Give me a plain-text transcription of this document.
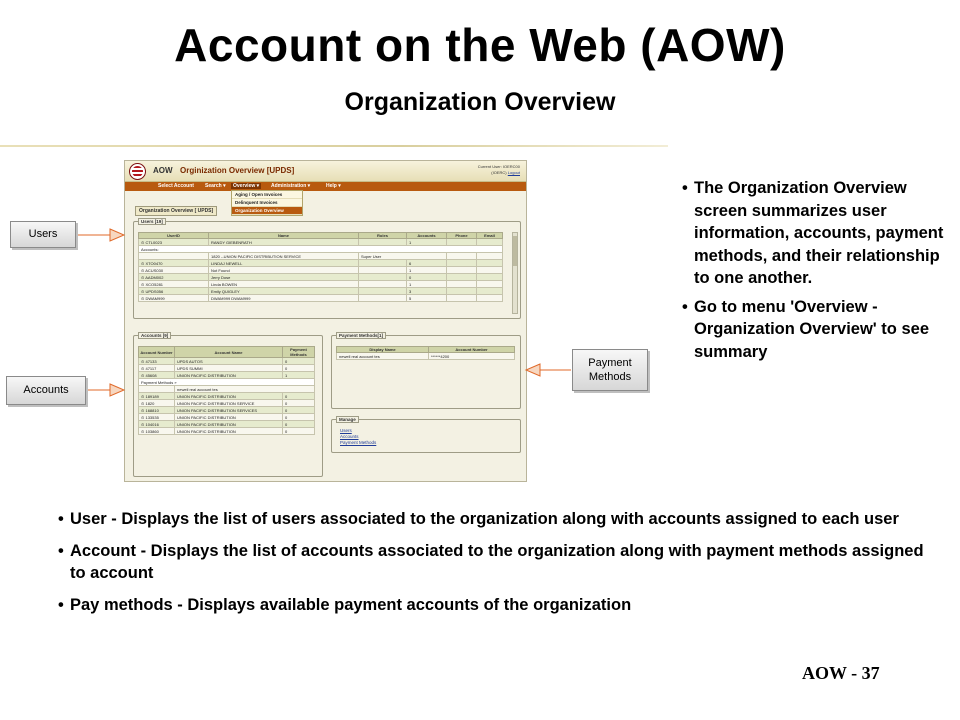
Account on the Web (AOW)
Organization Overview
AOW Orginization Overview [UPDS]	Current User: IOERC00
(IOERC) Logout
Select Account Search ▾	Overview ▾	Administration ▾	Help ▾
Aging / Open Invoices
Delinquent Invoices
Organization Overview
Organization Overview [ UPDS]
Users [19]
UserID	Name	Roles	Accounts	Phone	Email
⊙ CTL0023	RANDY GIEBENRATH		1		
Accounts:					
	1820 --UNION PACIFIC DISTRIBUTION SERVICE	Super User			
⊙ XTO0470	LINDAJ NEWELL		6		
⊙ ACUS030	Not Found		1		
⊙ AADM002	Jerry Dose		0		
⊙ XCO5281	Linda BOWEN		1		
⊙ UPDS056	Emily QUIGLEY		3		
⊙ DWAM999	DWAM999 DWAM999		5		
Accounts [9]
Account Number	Account Name	Payment Methods
⊙ 47133	UPDS AUTOS	0
⊙ 47117	UPDS SUMMI	0
⊙ 45608	UNION PACIFIC DISTRIBUTION	1
Payment Methods »		
	newell real account tes	
⊙ 189189	UNION PACIFIC DISTRIBUTION	0
⊙ 1820	UNION PACIFIC DISTRIBUTION SERVICE	0
⊙ 168810	UNION PACIFIC DISTRIBUTION SERVICES	0
⊙ 133535	UNION PACIFIC DISTRIBUTION	0
⊙ 104016	UNION PACIFIC DISTRIBUTION	0
⊙ 103860	UNION PACIFIC DISTRIBUTION	0
Payment Methods[1]
Display Name	Account Number
newell real account tes	******4200
Manage
Users
Accounts
Payment Methods
Users
Accounts
Payment Methods

• The Organization Overview screen summarizes user information, accounts, payment methods, and their relationship to one another.

• Go to menu 'Overview - Organization Overview' to see summary

• User - Displays the list of users associated to the organization along with accounts assigned to each user

• Account - Displays the list of accounts associated to the organization along with payment methods assigned to account

• Pay methods - Displays available payment accounts of the organization

AOW - 37
